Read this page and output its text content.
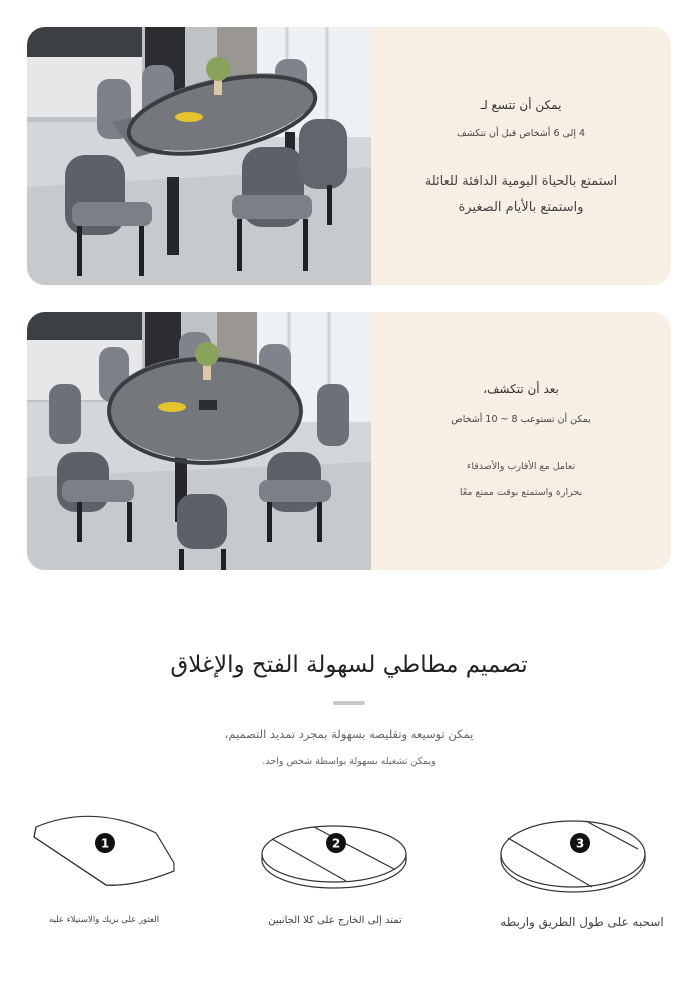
يمكن أن تتسع لـ
4 إلى 6 أشخاص قبل أن تتكشف
استمتع بالحياة اليومية الدافئة للعائلة
واستمتع بالأيام الصغيرة
بعد أن تتكشف،
يمكن أن تستوعب 8 ~ 10 أشخاص
تعامل مع الأقارب والأصدقاء
بحرارة واستمتع بوقت ممتع معًا
تصميم مطاطي لسهولة الفتح والإغلاق
يمكن توسيعه وتقليصه بسهولة بمجرد تمديد التصميم،
ويمكن تشغيله بسهولة بواسطة شخص واحد.
1	2	3
العثور على بريك والاستيلاء عليه	تمتد إلى الخارج على كلا الجانبين	اسحبه على طول الطريق واربطه
